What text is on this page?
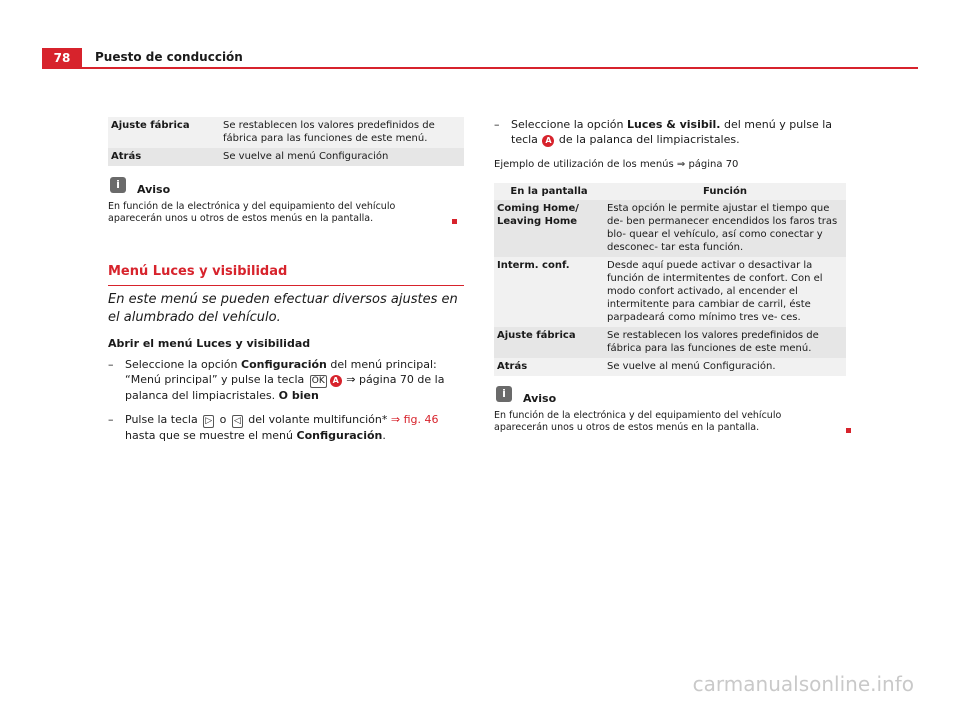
78	Puesto de conducción
Ajuste fábrica	Se restablecen los valores predefinidos de fábrica para las funciones de este menú.
Atrás	Se vuelve al menú Configuración
i	Aviso
En función de la electrónica y del equipamiento del vehículo aparecerán unos u otros de estos menús en la pantalla.
Menú Luces y visibilidad
En este menú se pueden efectuar diversos ajustes en el alumbrado del vehículo.
Abrir el menú Luces y visibilidad
– Seleccione la opción Configuración del menú principal: “Menú principal” y pulse la tecla OK A ⇒ página 70 de la palanca del limpiacristales. O bien
– Pulse la tecla ▷ o ◁ del volante multifunción* ⇒ fig. 46 hasta que se muestre el menú Configuración.
– Seleccione la opción Luces & visibil. del menú y pulse la tecla A de la palanca del limpiacristales.
Ejemplo de utilización de los menús ⇒ página 70
En la pantalla	Función
Coming Home/ Leaving Home	Esta opción le permite ajustar el tiempo que de- ben permanecer encendidos los faros tras blo- quear el vehículo, así como conectar y desconec- tar esta función.
Interm. conf.	Desde aquí puede activar o desactivar la función de intermitentes de confort. Con el modo confort activado, al encender el intermitente para cambiar de carril, éste parpadeará como mínimo tres ve- ces.
Ajuste fábrica	Se restablecen los valores predefinidos de fábrica para las funciones de este menú.
Atrás	Se vuelve al menú Configuración.
i	Aviso
En función de la electrónica y del equipamiento del vehículo aparecerán unos u otros de estos menús en la pantalla.
carmanualsonline.info
